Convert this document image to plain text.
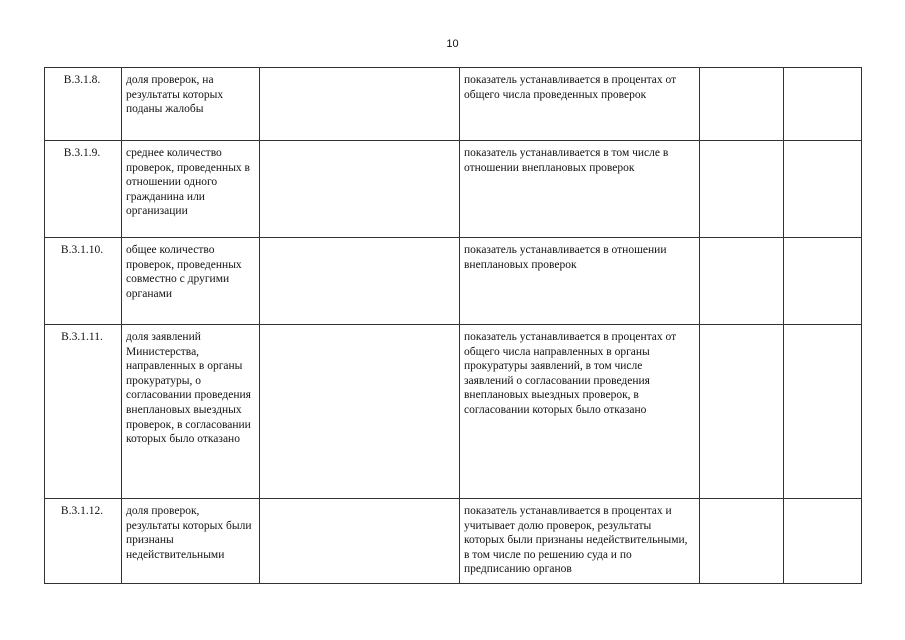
10
В.3.1.8.	доля проверок, на результаты которых поданы жалобы		показатель устанавливается в процентах от общего числа проведенных проверок		
В.3.1.9.	среднее количество проверок, проведенных в отношении одного гражданина или организации		показатель устанавливается в том числе в отношении внеплановых проверок		
В.3.1.10.	общее количество проверок, проведенных совместно с другими органами		показатель устанавливается в отношении внеплановых проверок		
В.3.1.11.	доля заявлений Министерства, направленных в органы прокуратуры, о согласовании проведения внеплановых выездных проверок, в согласовании которых было отказано		показатель устанавливается в процентах от общего числа направленных в органы прокуратуры заявлений, в том числе заявлений о согласовании проведения внеплановых выездных проверок, в согласовании которых было отказано		
В.3.1.12.	доля проверок, результаты которых были признаны недействительными		показатель устанавливается в процентах и учитывает долю проверок, результаты которых были признаны недействительными, в том числе по решению суда и по предписанию органов		
